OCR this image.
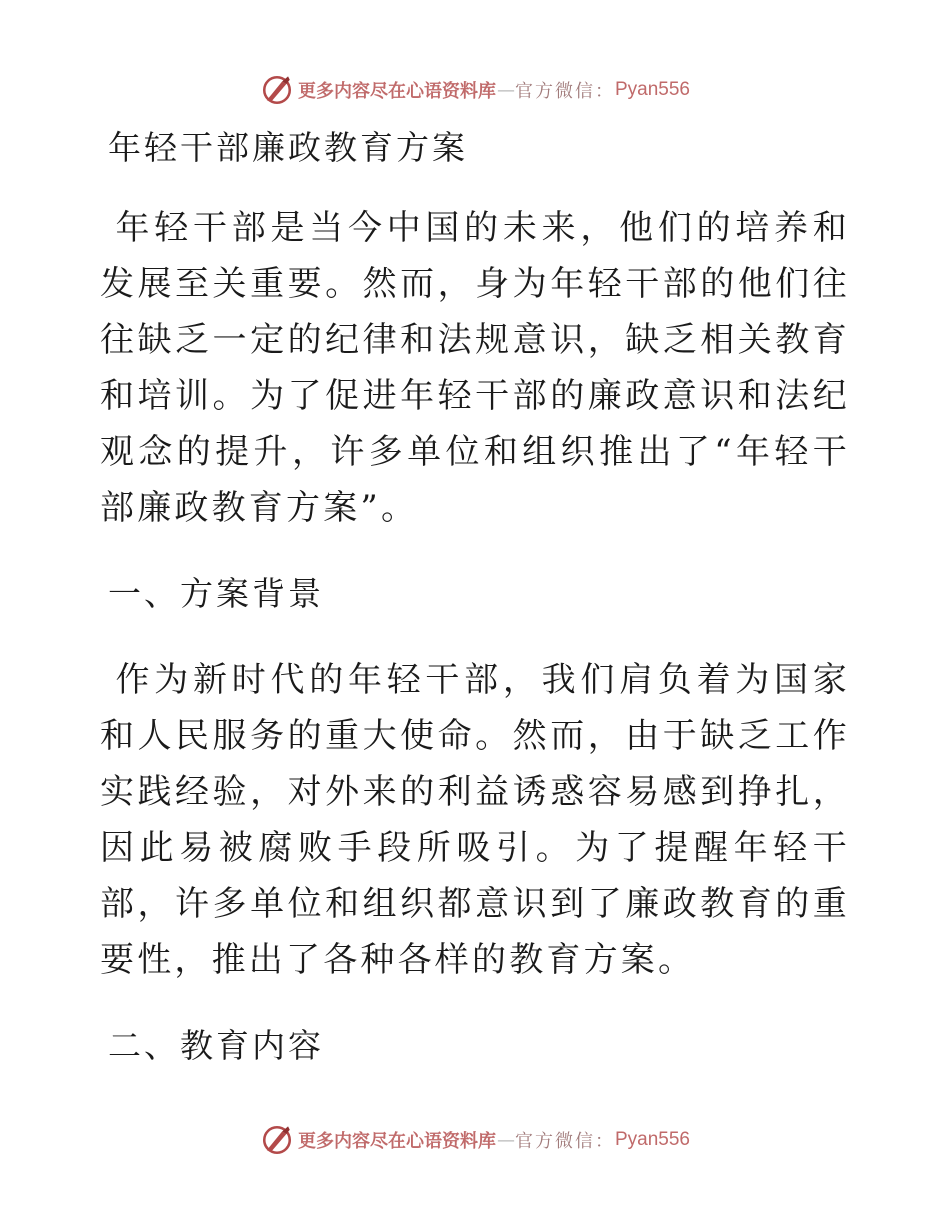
更多内容尽在心语资料库 — 官方微信： Pyan556
年轻干部廉政教育方案

年轻干部是当今中国的未来，他们的培养和发展至关重要。然而，身为年轻干部的他们往往缺乏一定的纪律和法规意识，缺乏相关教育和培训。为了促进年轻干部的廉政意识和法纪观念的提升，许多单位和组织推出了“年轻干部廉政教育方案”。

一、方案背景

作为新时代的年轻干部，我们肩负着为国家和人民服务的重大使命。然而，由于缺乏工作实践经验，对外来的利益诱惑容易感到挣扎，因此易被腐败手段所吸引。为了提醒年轻干部，许多单位和组织都意识到了廉政教育的重要性，推出了各种各样的教育方案。

二、教育内容
更多内容尽在心语资料库 — 官方微信： Pyan556
